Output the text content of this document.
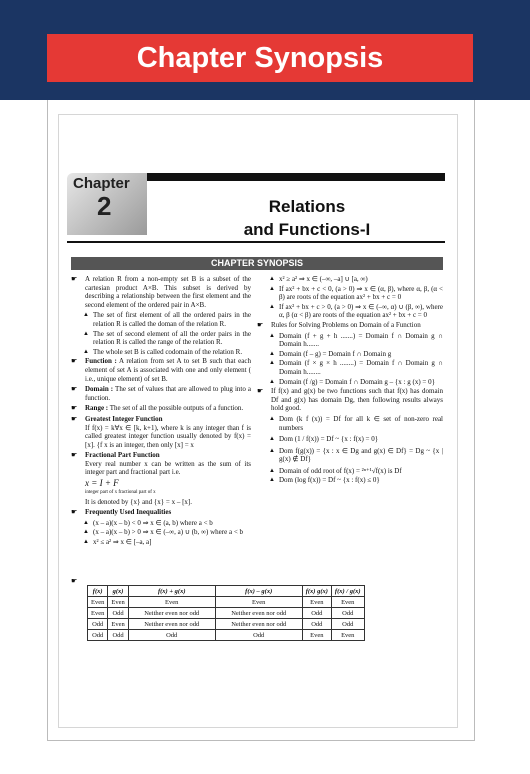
Chapter Synopsis
Chapter
2	Relations
and Functions-I
CHAPTER SYNOPSIS
☛ A relation R from a non-empty set B is a subset of the cartesian product A×B. This subset is derived by describing a relationship between the first element and the second element of the ordered pair in A×B.
▲ The set of first element of all the ordered pairs in the relation R is called the doman of the relation R.
▲ The set of second element of all the order pairs in the relation R is called the range of the relation R.
▲ The whole set B is called codomain of the relation R.
☛ Function : A relation from set A to set B such that each element of set A is associated with one and only element ( i.e., unique element) of set B.
☛ Domain : The set of values that are allowed to plug into a function.
☛ Range : The set of all the possible outputs of a function.
☛ Greatest Integer Function
If f(x) = k∀x ∈ [k, k+1), where k is any integer than f is called greatest integer function usually denoted by f(x) = [x]. {f x is an integer, then only [x] = x
☛ Fractional Part Function
Every real number x can be written as the sum of its integer part and fractional part i.e.
x = I + F
integer part of x fractional part of x
It is denoted by {x} and {x} = x – [x].
☛ Frequently Used Inequalities
▲ (x – a)(x – b) < 0 ⇒ x ∈ (a, b) where a < b
▲ (x – a)(x – b) > 0 ⇒ x ∈ (–∞, a) ∪ (b, ∞) where a < b
▲ x² ≤ a² ⇒ x ∈ [–a, a]
▲ x² ≥ a² ⇒ x ∈ (–∞, –a] ∪ [a, ∞)
▲ If ax² + bx + c < 0, (a > 0) ⇒ x ∈ (α, β), where α, β, (α < β) are roots of the equation ax² + bx + c = 0
▲ If ax² + bx + c > 0, (a > 0) ⇒ x ∈ (–∞, α) ∪ (β, ∞), where α, β (α < β) are roots of the equation ax² + bx + c = 0
☛ Rules for Solving Problems on Domain of a Function
▲ Domain (f + g + h .......) = Domain f ∩ Domain g ∩ Domain h.......
▲ Domain (f – g) = Domain f ∩ Domain g
▲ Domain (f × g × h ........) = Domain f ∩ Domain g ∩ Domain h........
▲ Domain (f /g) = Domain f ∩ Domain g – {x : g (x) = 0}
☛ If f(x) and g(x) be two functions such that f(x) has domain Df and g(x) has domain Dg, then following results always hold good.
▲ Dom (k f (x)) = Df for all k ∈ set of non-zero real numbers
▲ Dom (1 / f(x)) = Df ~ {x : f(x) = 0}
▲ Dom f(g(x)) = {x : x ∈ Dg and g(x) ∈ Df} = Dg ~ {x | g(x) ∉ Df}
▲ Domain of odd root of f(x) = ²ⁿ⁺¹√f(x) is Df
▲ Dom (log f(x)) = Df ~ {x : f(x) ≤ 0}
☛
f(x)	g(x)	f(x) + g(x)	f(x) – g(x)	f(x) g(x)	f(x) / g(x)
Even	Even	Even	Even	Even	Even
Even	Odd	Neither even nor odd	Neither even nor odd	Odd	Odd
Odd	Even	Neither even nor odd	Neither even nor odd	Odd	Odd
Odd	Odd	Odd	Odd	Even	Even
